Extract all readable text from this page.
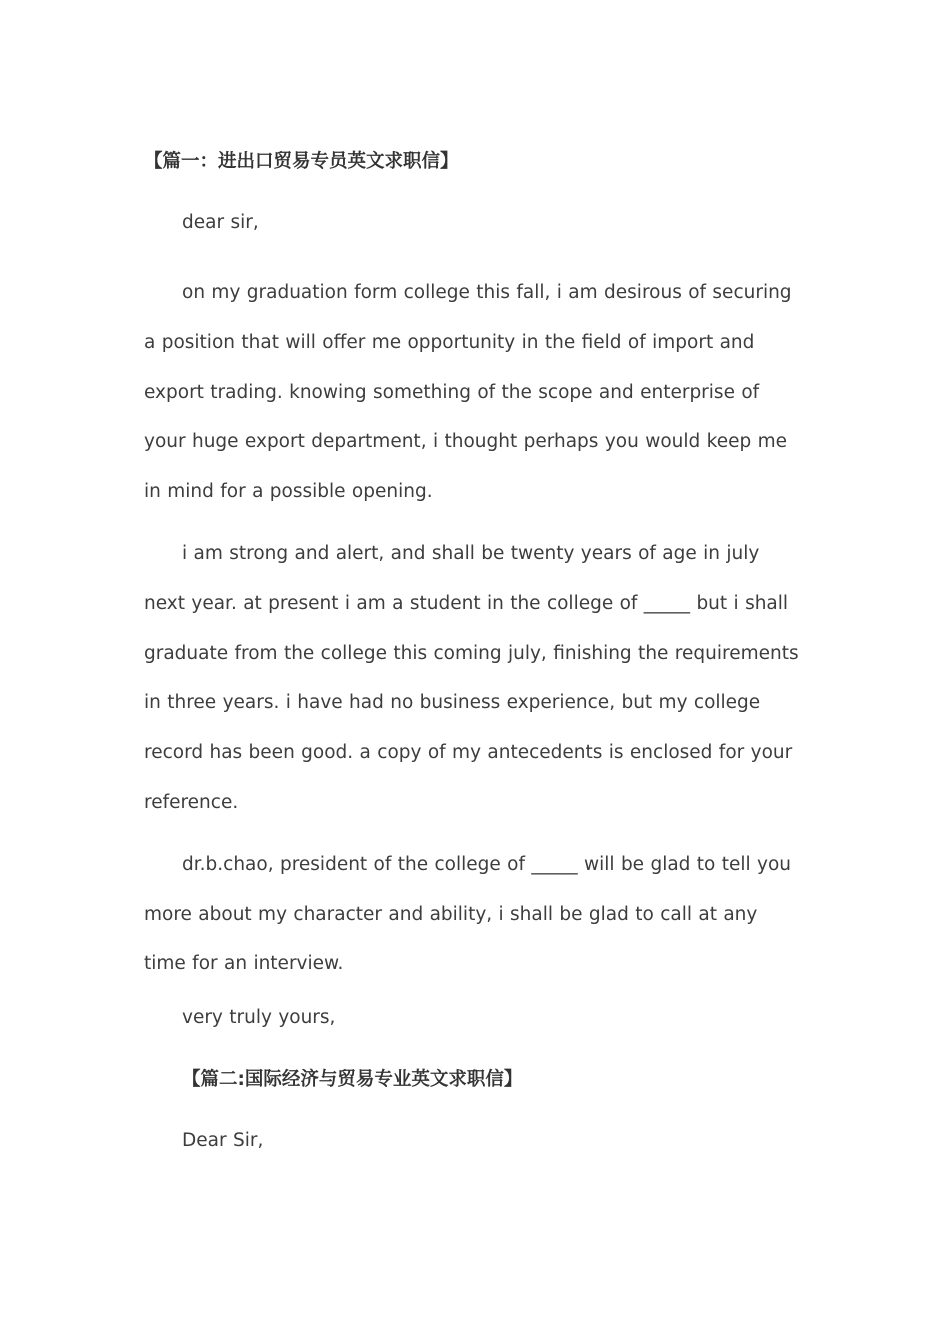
【篇一：进出口贸易专员英文求职信】

dear sir,

on my graduation form college this fall, i am desirous of securing a position that will offer me opportunity in the field of import and export trading. knowing something of the scope and enterprise of your huge export department, i thought perhaps you would keep me in mind for a possible opening.

i am strong and alert, and shall be twenty years of age in july next year. at present i am a student in the college of _____ but i shall graduate from the college this coming july, finishing the requirements in three years. i have had no business experience, but my college record has been good. a copy of my antecedents is enclosed for your reference.

dr.b.chao, president of the college of _____ will be glad to tell you more about my character and ability, i shall be glad to call at any time for an interview.

very truly yours,

【篇二:国际经济与贸易专业英文求职信】

Dear Sir,
